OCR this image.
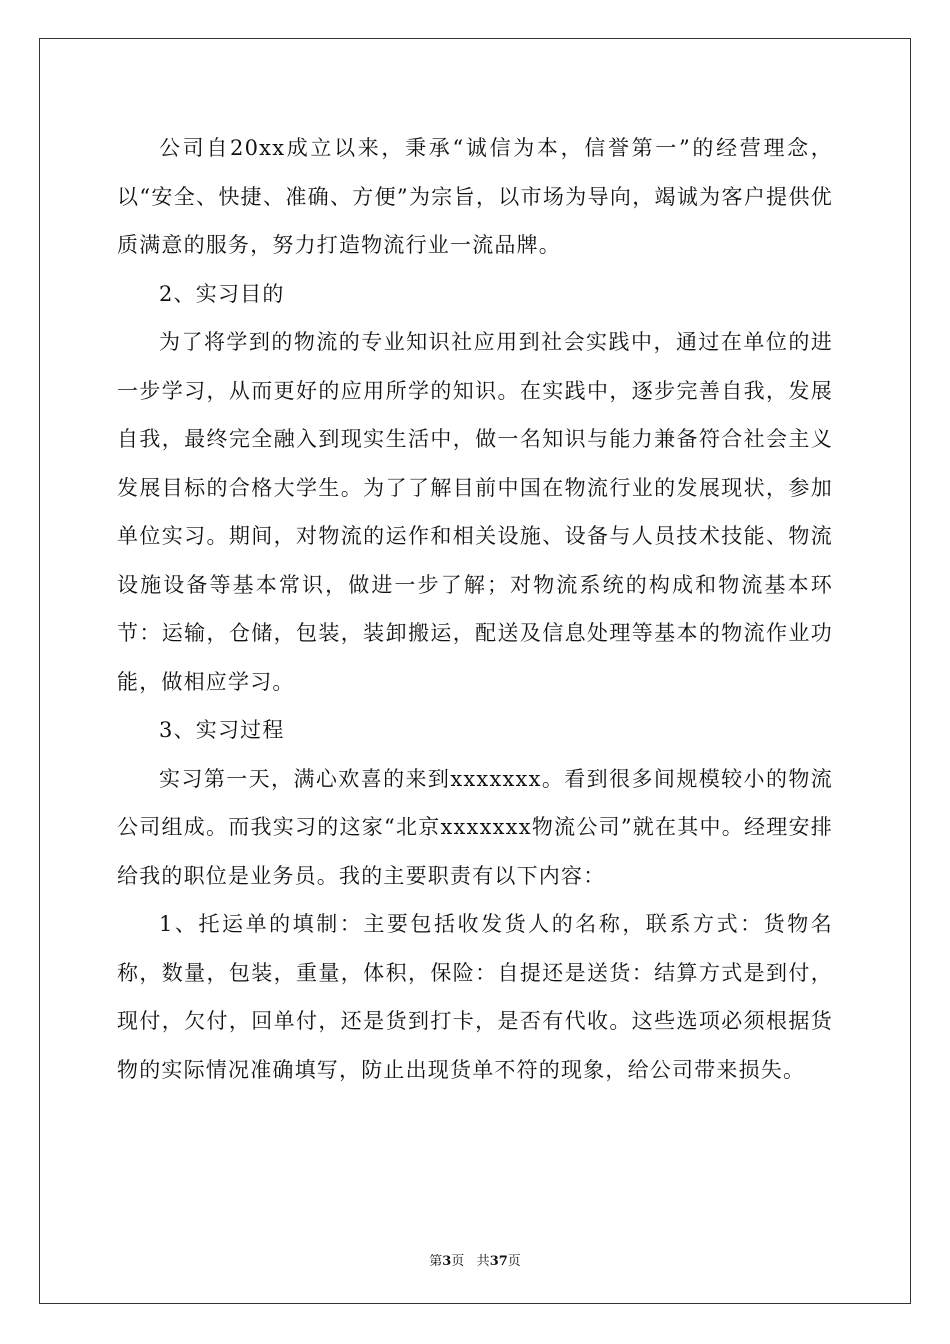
公司自20xx成立以来，秉承“诚信为本，信誉第一”的经营理念，以“安全、快捷、准确、方便”为宗旨，以市场为导向，竭诚为客户提供优质满意的服务，努力打造物流行业一流品牌。

2、实习目的

为了将学到的物流的专业知识社应用到社会实践中，通过在单位的进一步学习，从而更好的应用所学的知识。在实践中，逐步完善自我，发展自我，最终完全融入到现实生活中，做一名知识与能力兼备符合社会主义发展目标的合格大学生。为了了解目前中国在物流行业的发展现状，参加单位实习。期间，对物流的运作和相关设施、设备与人员技术技能、物流设施设备等基本常识，做进一步了解；对物流系统的构成和物流基本环节：运输，仓储，包装，装卸搬运，配送及信息处理等基本的物流作业功能，做相应学习。

3、实习过程

实习第一天，满心欢喜的来到xxxxxxx。看到很多间规模较小的物流公司组成。而我实习的这家“北京xxxxxxx物流公司”就在其中。经理安排给我的职位是业务员。我的主要职责有以下内容：

1、托运单的填制：主要包括收发货人的名称，联系方式：货物名称，数量，包装，重量，体积，保险：自提还是送货：结算方式是到付，现付，欠付，回单付，还是货到打卡，是否有代收。这些选项必须根据货物的实际情况准确填写，防止出现货单不符的现象，给公司带来损失。

第3页 共37页
